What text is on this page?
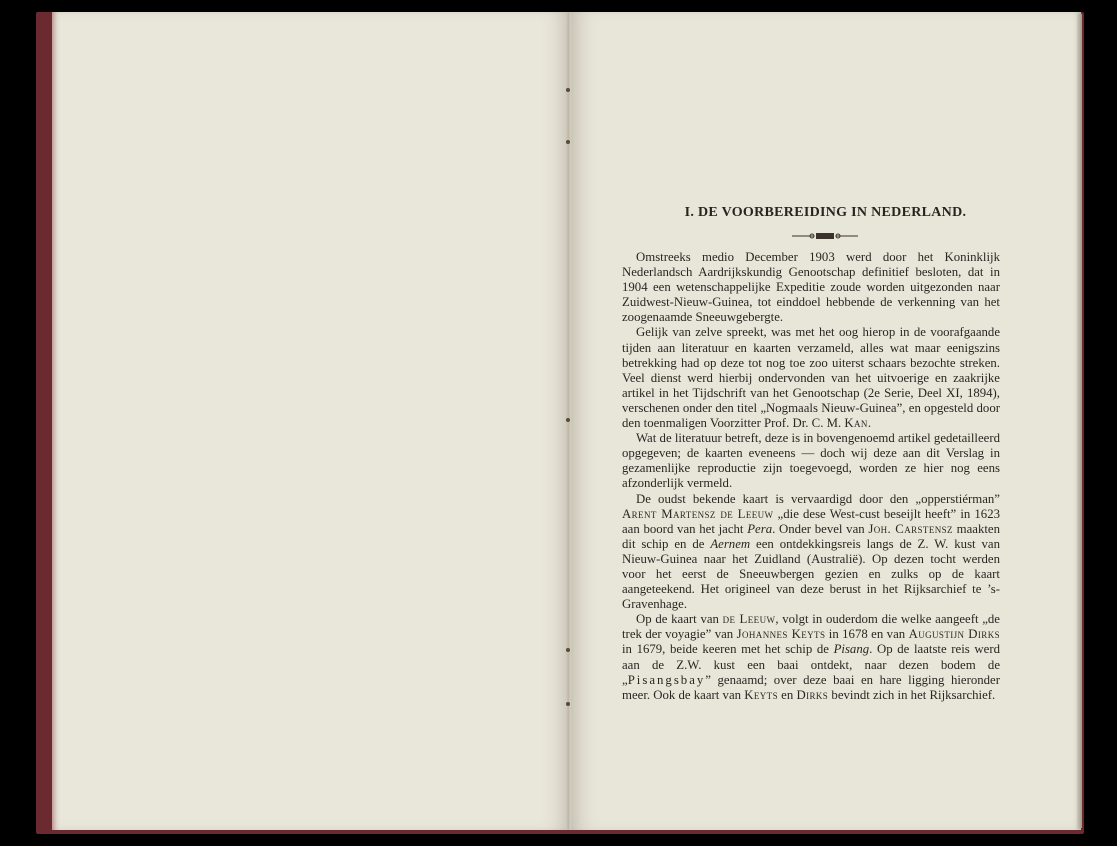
I. DE VOORBEREIDING IN NEDERLAND.

Omstreeks medio December 1903 werd door het Koninklijk Nederlandsch Aardrijkskundig Genootschap definitief besloten, dat in 1904 een wetenschappelijke Expeditie zoude worden uitgezonden naar Zuidwest-Nieuw-Guinea, tot einddoel hebbende de verkenning van het zoogenaamde Sneeuwgebergte.

Gelijk van zelve spreekt, was met het oog hierop in de voorafgaande tijden aan literatuur en kaarten verzameld, alles wat maar eenigszins betrekking had op deze tot nog toe zoo uiterst schaars bezochte streken. Veel dienst werd hierbij ondervonden van het uitvoerige en zaakrijke artikel in het Tijdschrift van het Genootschap (2e Serie, Deel XI, 1894), verschenen onder den titel „Nogmaals Nieuw-Guinea”, en opgesteld door den toenmaligen Voorzitter Prof. Dr. C. M. Kan.

Wat de literatuur betreft, deze is in bovengenoemd artikel gedetailleerd opgegeven; de kaarten eveneens — doch wij deze aan dit Verslag in gezamenlijke reproductie zijn toegevoegd, worden ze hier nog eens afzonderlijk vermeld.

De oudst bekende kaart is vervaardigd door den „opperstiérman” Arent Martensz de Leeuw „die dese West-cust beseijlt heeft” in 1623 aan boord van het jacht Pera. Onder bevel van Joh. Carstensz maakten dit schip en de Aernem een ontdekkingsreis langs de Z. W. kust van Nieuw-Guinea naar het Zuidland (Australië). Op dezen tocht werden voor het eerst de Sneeuwbergen gezien en zulks op de kaart aangeteekend. Het origineel van deze berust in het Rijksarchief te ’s-Gravenhage.

Op de kaart van de Leeuw, volgt in ouderdom die welke aangeeft „de trek der voyagie” van Johannes Keyts in 1678 en van Augustijn Dirks in 1679, beide keeren met het schip de Pisang. Op de laatste reis werd aan de Z.W. kust een baai ontdekt, naar dezen bodem de „Pisangsbay” genaamd; over deze baai en hare ligging hieronder meer. Ook de kaart van Keyts en Dirks bevindt zich in het Rijksarchief.
